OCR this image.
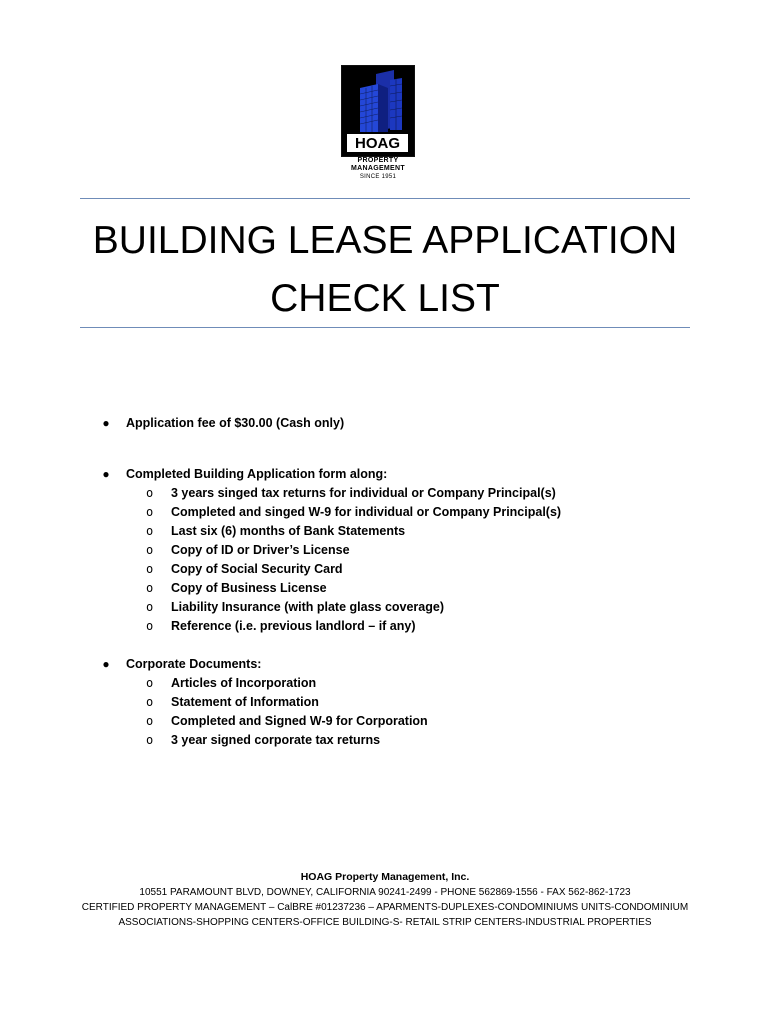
HOAG
PROPERTY
MANAGEMENT
SINCE 1951
BUILDING LEASE APPLICATION
CHECK LIST
● Application fee of $30.00 (Cash only)
● Completed Building Application form along:
o 3 years singed tax returns for individual or Company Principal(s)
o Completed and singed W-9 for individual or Company Principal(s)
o Last six (6) months of Bank Statements
o Copy of ID or Driver’s License
o Copy of Social Security Card
o Copy of Business License
o Liability Insurance (with plate glass coverage)
o Reference (i.e. previous landlord – if any)
● Corporate Documents:
o Articles of Incorporation
o Statement of Information
o Completed and Signed W-9 for Corporation
o 3 year signed corporate tax returns
HOAG Property Management, Inc.
10551 PARAMOUNT BLVD, DOWNEY, CALIFORNIA 90241-2499 - PHONE 562869-1556 - FAX 562-862-1723
CERTIFIED PROPERTY MANAGEMENT – CalBRE #01237236 – APARMENTS-DUPLEXES-CONDOMINIUMS UNITS-CONDOMINIUM
ASSOCIATIONS-SHOPPING CENTERS-OFFICE BUILDING-S- RETAIL STRIP CENTERS-INDUSTRIAL PROPERTIES
